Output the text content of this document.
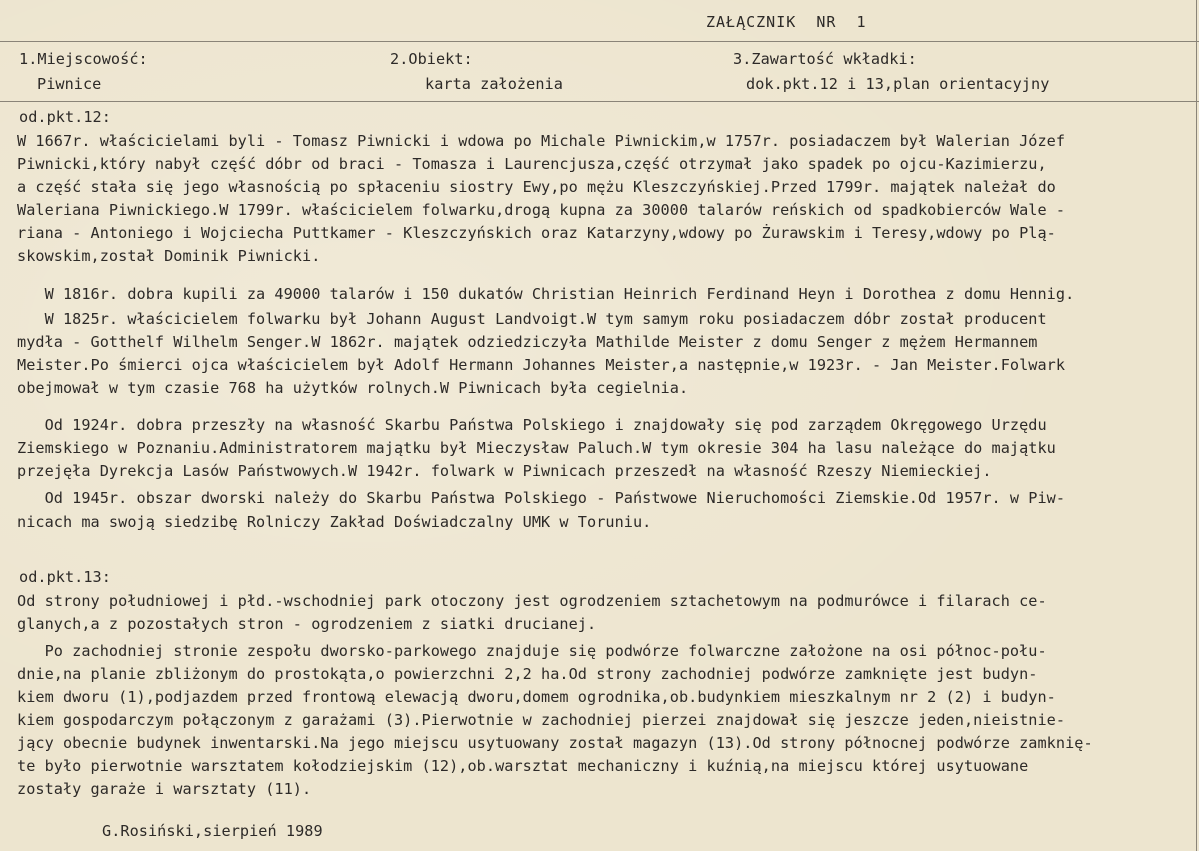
ZAŁĄCZNIK  NR  1
1.Miejscowość:
Piwnice
2.Obiekt:
karta założenia
3.Zawartość wkładki:
dok.pkt.12 i 13,plan orientacyjny
od.pkt.12:
W 1667r. właścicielami byli - Tomasz Piwnicki i wdowa po Michale Piwnickim,w 1757r. posiadaczem był Walerian Józef
Piwnicki,który nabył część dóbr od braci - Tomasza i Laurencjusza,część otrzymał jako spadek po ojcu-Kazimierzu,
a część stała się jego własnością po spłaceniu siostry Ewy,po mężu Kleszczyńskiej.Przed 1799r. majątek należał do
Waleriana Piwnickiego.W 1799r. właścicielem folwarku,drogą kupna za 30000 talarów reńskich od spadkobierców Wale -
riana - Antoniego i Wojciecha Puttkamer - Kleszczyńskich oraz Katarzyny,wdowy po Żurawskim i Teresy,wdowy po Plą-
skowskim,został Dominik Piwnicki.
W 1816r. dobra kupili za 49000 talarów i 150 dukatów Christian Heinrich Ferdinand Heyn i Dorothea z domu Hennig.
W 1825r. właścicielem folwarku był Johann August Landvoigt.W tym samym roku posiadaczem dóbr został producent
mydła - Gotthelf Wilhelm Senger.W 1862r. majątek odziedziczyła Mathilde Meister z domu Senger z mężem Hermannem
Meister.Po śmierci ojca właścicielem był Adolf Hermann Johannes Meister,a następnie,w 1923r. - Jan Meister.Folwark
obejmował w tym czasie 768 ha użytków rolnych.W Piwnicach była cegielnia.
Od 1924r. dobra przeszły na własność Skarbu Państwa Polskiego i znajdowały się pod zarządem Okręgowego Urzędu
Ziemskiego w Poznaniu.Administratorem majątku był Mieczysław Paluch.W tym okresie 304 ha lasu należące do majątku
przejęła Dyrekcja Lasów Państwowych.W 1942r. folwark w Piwnicach przeszedł na własność Rzeszy Niemieckiej.
Od 1945r. obszar dworski należy do Skarbu Państwa Polskiego - Państwowe Nieruchomości Ziemskie.Od 1957r. w Piw-
nicach ma swoją siedzibę Rolniczy Zakład Doświadczalny UMK w Toruniu.
od.pkt.13:
Od strony południowej i płd.-wschodniej park otoczony jest ogrodzeniem sztachetowym na podmurówce i filarach ce-
glanych,a z pozostałych stron - ogrodzeniem z siatki drucianej.
Po zachodniej stronie zespołu dworsko-parkowego znajduje się podwórze folwarczne założone na osi północ-połu-
dnie,na planie zbliżonym do prostokąta,o powierzchni 2,2 ha.Od strony zachodniej podwórze zamknięte jest budyn-
kiem dworu (1),podjazdem przed frontową elewacją dworu,domem ogrodnika,ob.budynkiem mieszkalnym nr 2 (2) i budyn-
kiem gospodarczym połączonym z garażami (3).Pierwotnie w zachodniej pierzei znajdował się jeszcze jeden,nieistnie-
jący obecnie budynek inwentarski.Na jego miejscu usytuowany został magazyn (13).Od strony północnej podwórze zamknię-
te było pierwotnie warsztatem kołodziejskim (12),ob.warsztat mechaniczny i kuźnią,na miejscu której usytuowane
zostały garaże i warsztaty (11).
G.Rosiński,sierpień 1989
